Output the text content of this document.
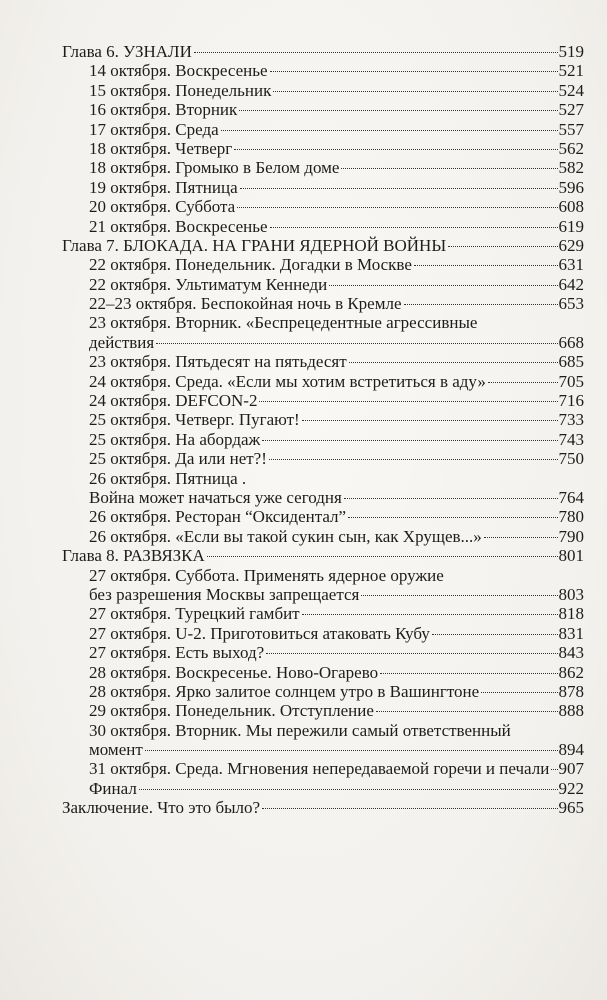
Глава 6. УЗНАЛИ	519
14 октября. Воскресенье	521
15 октября. Понедельник	524
16 октября. Вторник	527
17 октября. Среда	557
18 октября. Четверг	562
18 октября. Громыко в Белом доме	582
19 октября. Пятница	596
20 октября. Суббота	608
21 октября. Воскресенье	619
Глава 7. БЛОКАДА. НА ГРАНИ ЯДЕРНОЙ ВОЙНЫ	629
22 октября. Понедельник. Догадки в Москве	631
22 октября. Ультиматум Кеннеди	642
22–23 октября. Беспокойная ночь в Кремле	653
23 октября. Вторник. «Беспрецедентные агрессивные
действия	668
23 октября. Пятьдесят на пятьдесят	685
24 октября. Среда. «Если мы хотим встретиться в аду»	705
24 октября. DEFCON-2	716
25 октября. Четверг. Пугают!	733
25 октября. На абордаж	743
25 октября. Да или нет?!	750
26 октября. Пятница .
Война может начаться уже сегодня	764
26 октября. Ресторан “Оксидентал”	780
26 октября. «Если вы такой сукин сын, как Хрущев...»	790
Глава 8. РАЗВЯЗКА	801
27 октября. Суббота. Применять ядерное оружие
без разрешения Москвы запрещается	803
27 октября. Турецкий гамбит	818
27 октября. U-2. Приготовиться атаковать Кубу	831
27 октября. Есть выход?	843
28 октября. Воскресенье. Ново-Огарево	862
28 октября. Ярко залитое солнцем утро в Вашингтоне	878
29 октября. Понедельник. Отступление	888
30 октября. Вторник. Мы пережили самый ответственный
момент	894
31 октября. Среда. Мгновения непередаваемой горечи и печали 907
Финал	922
Заключение. Что это было?	965
